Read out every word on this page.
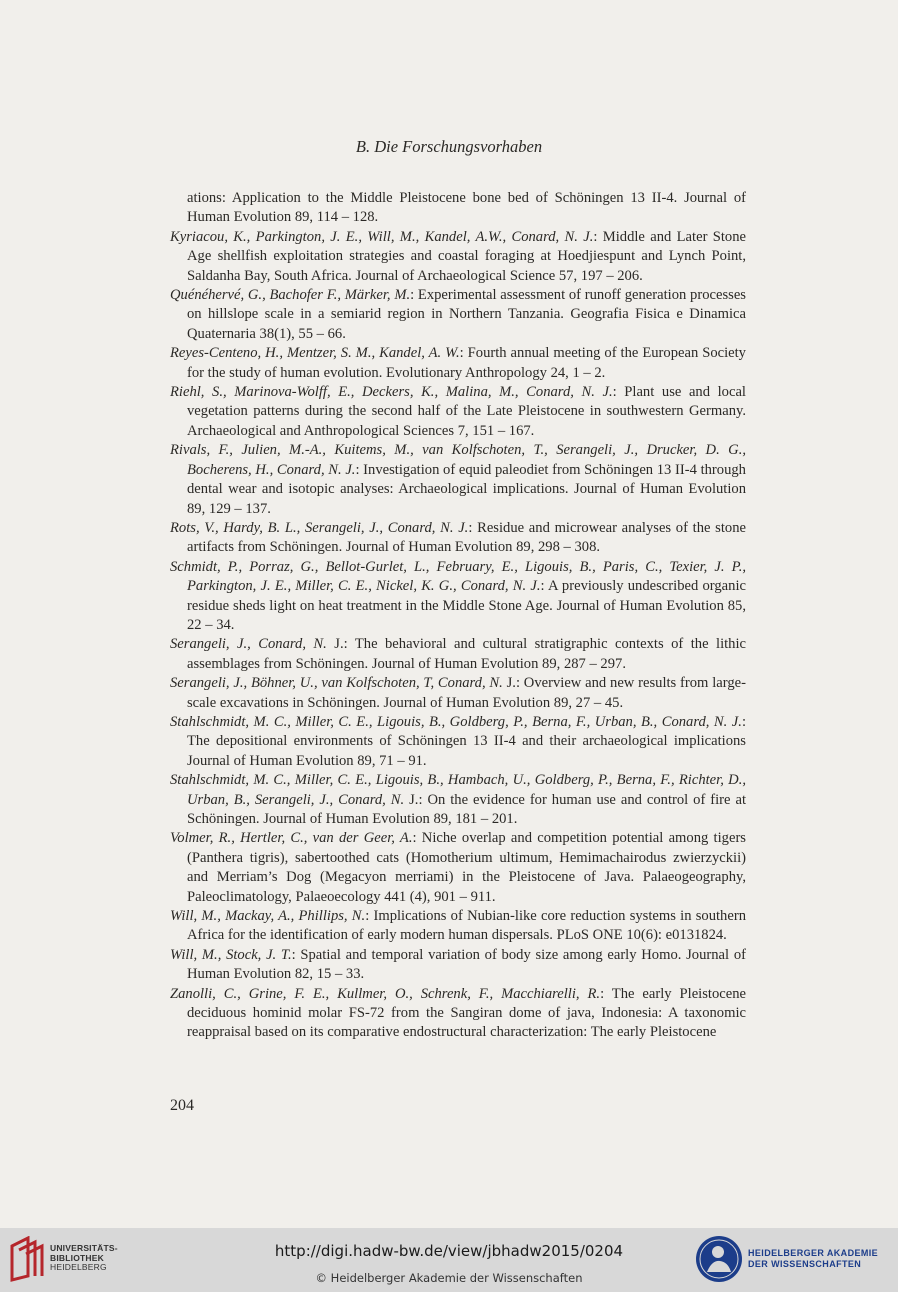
B. Die Forschungsvorhaben

ations: Application to the Middle Pleistocene bone bed of Schöningen 13 II-4. Journal of Human Evolution 89, 114 – 128.

Kyriacou, K., Parkington, J. E., Will, M., Kandel, A.W., Conard, N. J.: Middle and Later Stone Age shellfish exploitation strategies and coastal foraging at Hoedjiespunt and Lynch Point, Saldanha Bay, South Africa. Journal of Archaeological Science 57, 197 – 206.

Quénéhervé, G., Bachofer F., Märker, M.: Experimental assessment of runoff generation processes on hillslope scale in a semiarid region in Northern Tanzania. Geografia Fisica e Dinamica Quaternaria 38(1), 55 – 66.

Reyes-Centeno, H., Mentzer, S. M., Kandel, A. W.: Fourth annual meeting of the European Society for the study of human evolution. Evolutionary Anthropology 24, 1 – 2.

Riehl, S., Marinova-Wolff, E., Deckers, K., Malina, M., Conard, N. J.: Plant use and local vegetation patterns during the second half of the Late Pleistocene in southwestern Germany. Archaeological and Anthropological Sciences 7, 151 – 167.

Rivals, F., Julien, M.-A., Kuitems, M., van Kolfschoten, T., Serangeli, J., Drucker, D. G., Bocherens, H., Conard, N. J.: Investigation of equid paleodiet from Schöningen 13 II-4 through dental wear and isotopic analyses: Archaeological implications. Journal of Human Evolution 89, 129 – 137.

Rots, V., Hardy, B. L., Serangeli, J., Conard, N. J.: Residue and microwear analyses of the stone artifacts from Schöningen. Journal of Human Evolution 89, 298 – 308.

Schmidt, P., Porraz, G., Bellot-Gurlet, L., February, E., Ligouis, B., Paris, C., Texier, J. P., Parkington, J. E., Miller, C. E., Nickel, K. G., Conard, N. J.: A previously undescribed organic residue sheds light on heat treatment in the Middle Stone Age. Journal of Human Evolution 85, 22 – 34.

Serangeli, J., Conard, N. J.: The behavioral and cultural stratigraphic contexts of the lithic assemblages from Schöningen. Journal of Human Evolution 89, 287 – 297.

Serangeli, J., Böhner, U., van Kolfschoten, T, Conard, N. J.: Overview and new results from large-scale excavations in Schöningen. Journal of Human Evolution 89, 27 – 45.

Stahlschmidt, M. C., Miller, C. E., Ligouis, B., Goldberg, P., Berna, F., Urban, B., Conard, N. J.: The depositional environments of Schöningen 13 II-4 and their archaeological implications Journal of Human Evolution 89, 71 – 91.

Stahlschmidt, M. C., Miller, C. E., Ligouis, B., Hambach, U., Goldberg, P., Berna, F., Richter, D., Urban, B., Serangeli, J., Conard, N. J.: On the evidence for human use and control of fire at Schöningen. Journal of Human Evolution 89, 181 – 201.

Volmer, R., Hertler, C., van der Geer, A.: Niche overlap and competition potential among tigers (Panthera tigris), sabertoothed cats (Homotherium ultimum, Hemimachairodus zwierzyckii) and Merriam’s Dog (Megacyon merriami) in the Pleistocene of Java. Palaeogeography, Paleoclimatology, Palaeoecology 441 (4), 901 – 911.

Will, M., Mackay, A., Phillips, N.: Implications of Nubian-like core reduction systems in southern Africa for the identification of early modern human dispersals. PLoS ONE 10(6): e0131824.

Will, M., Stock, J. T.: Spatial and temporal variation of body size among early Homo. Journal of Human Evolution 82, 15 – 33.

Zanolli, C., Grine, F. E., Kullmer, O., Schrenk, F., Macchiarelli, R.: The early Pleistocene deciduous hominid molar FS-72 from the Sangiran dome of java, Indonesia: A taxonomic reappraisal based on its comparative endostructural characterization: The early Pleistocene

204
UNIVERSITÄTS-
BIBLIOTHEK
HEIDELBERG
http://digi.hadw-bw.de/view/jbhadw2015/0204
© Heidelberger Akademie der Wissenschaften
HEIDELBERGER AKADEMIE
DER WISSENSCHAFTEN
